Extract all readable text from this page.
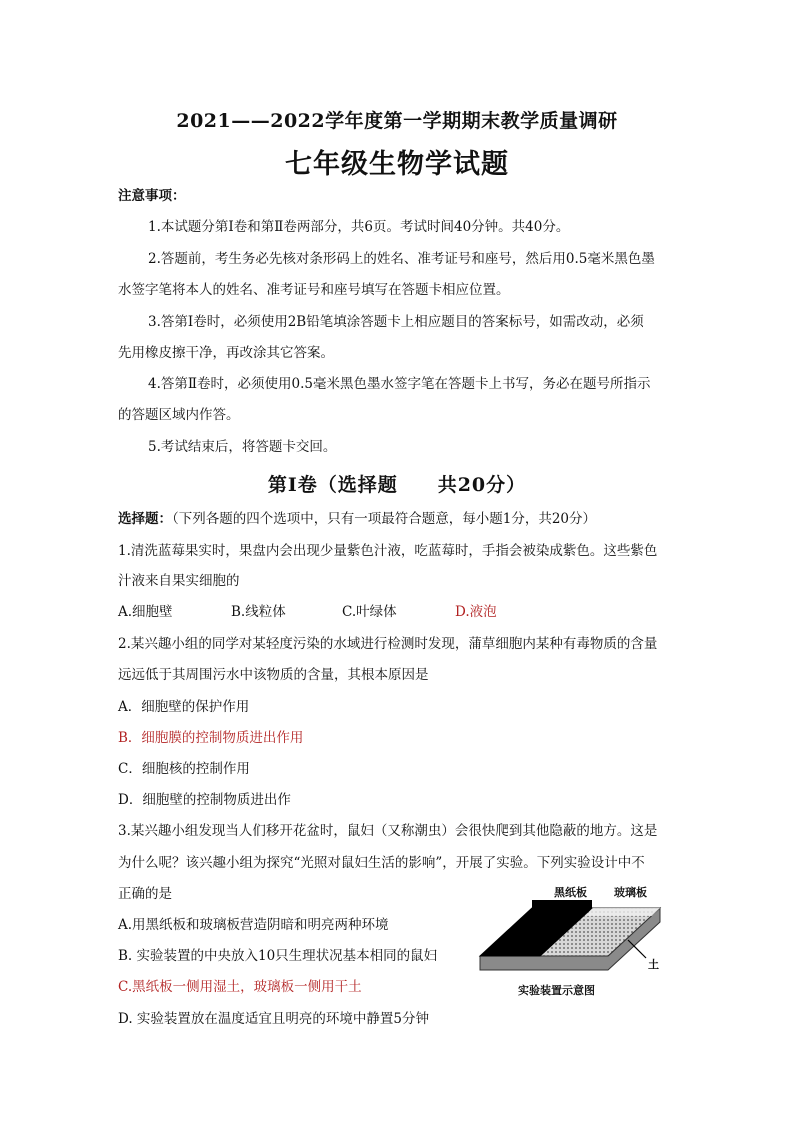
2021——2022学年度第一学期期末教学质量调研
七年级生物学试题
注意事项：
1.本试题分第Ⅰ卷和第Ⅱ卷两部分，共6页。考试时间40分钟。共40分。
2.答题前，考生务必先核对条形码上的姓名、准考证号和座号，然后用0.5毫米黑色墨
水签字笔将本人的姓名、准考证号和座号填写在答题卡相应位置。
3.答第Ⅰ卷时，必须使用2B铅笔填涂答题卡上相应题目的答案标号，如需改动，必须
先用橡皮擦干净，再改涂其它答案。
4.答第Ⅱ卷时，必须使用0.5毫米黑色墨水签字笔在答题卡上书写，务必在题号所指示
的答题区域内作答。
5.考试结束后，将答题卡交回。
第Ⅰ卷（选择题　　共20分）
选择题：（下列各题的四个选项中，只有一项最符合题意，每小题1分，共20分）
1.清洗蓝莓果实时，果盘内会出现少量紫色汁液，吃蓝莓时，手指会被染成紫色。这些紫色
汁液来自果实细胞的
A.细胞壁	B.线粒体	C.叶绿体	D.液泡
2.某兴趣小组的同学对某轻度污染的水域进行检测时发现，蒲草细胞内某种有毒物质的含量
远远低于其周围污水中该物质的含量，其根本原因是
A．细胞壁的保护作用
B．细胞膜的控制物质进出作用
C．细胞核的控制作用
D．细胞壁的控制物质进出作
3.某兴趣小组发现当人们移开花盆时，鼠妇（又称潮虫）会很快爬到其他隐蔽的地方。这是
为什么呢？该兴趣小组为探究“光照对鼠妇生活的影响”，开展了实验。下列实验设计中不
正确的是
A.用黑纸板和玻璃板营造阴暗和明亮两种环境
B. 实验装置的中央放入10只生理状况基本相同的鼠妇
C.黑纸板一侧用湿土，玻璃板一侧用干土
D. 实验装置放在温度适宜且明亮的环境中静置5分钟
黑纸板 玻璃板
土
实验装置示意图
